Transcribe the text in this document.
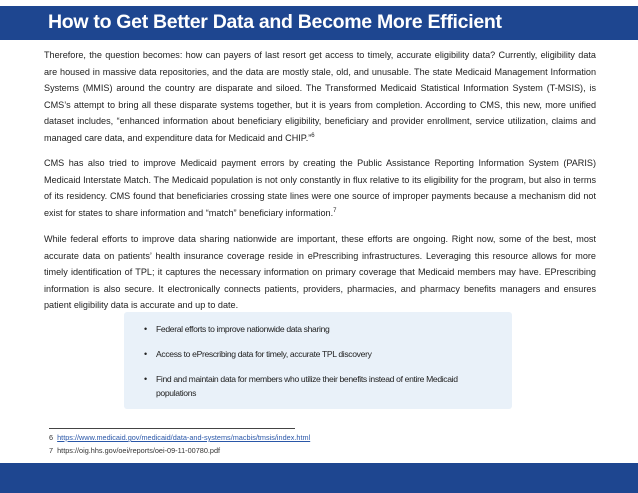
How to Get Better Data and Become More Efficient

Therefore, the question becomes: how can payers of last resort get access to timely, accurate eligibility data? Currently, eligibility data are housed in massive data repositories, and the data are mostly stale, old, and unusable. The state Medicaid Management Information Systems (MMIS) around the country are disparate and siloed. The Transformed Medicaid Statistical Information System (T-MSIS), is CMS’s attempt to bring all these disparate systems together, but it is years from completion. According to CMS, this new, more unified dataset includes, “enhanced information about beneficiary eligibility, beneficiary and provider enrollment, service utilization, claims and managed care data, and expenditure data for Medicaid and CHIP.”$^6$

CMS has also tried to improve Medicaid payment errors by creating the Public Assistance Reporting Information System (PARIS) Medicaid Interstate Match. The Medicaid population is not only constantly in flux relative to its eligibility for the program, but also in terms of its residency. CMS found that beneficiaries crossing state lines were one source of improper payments because a mechanism did not exist for states to share information and “match” beneficiary information.$^7$

While federal efforts to improve data sharing nationwide are important, these efforts are ongoing. Right now, some of the best, most accurate data on patients’ health insurance coverage reside in ePrescribing infrastructures. Leveraging this resource allows for more timely identification of TPL; it captures the necessary information on primary coverage that Medicaid members may have. EPrescribing information is also secure. It electronically connects patients, providers, pharmacies, and pharmacy benefits managers and ensures patient eligibility data is accurate and up to date.

• Federal efforts to improve nationwide data sharing
• Access to ePrescribing data for timely, accurate TPL discovery
• Find and maintain data for members who utilize their benefits instead of entire Medicaid populations
6 https://www.medicaid.gov/medicaid/data-and-systems/macbis/tmsis/index.html
7 https://oig.hhs.gov/oei/reports/oei-09-11-00780.pdf
